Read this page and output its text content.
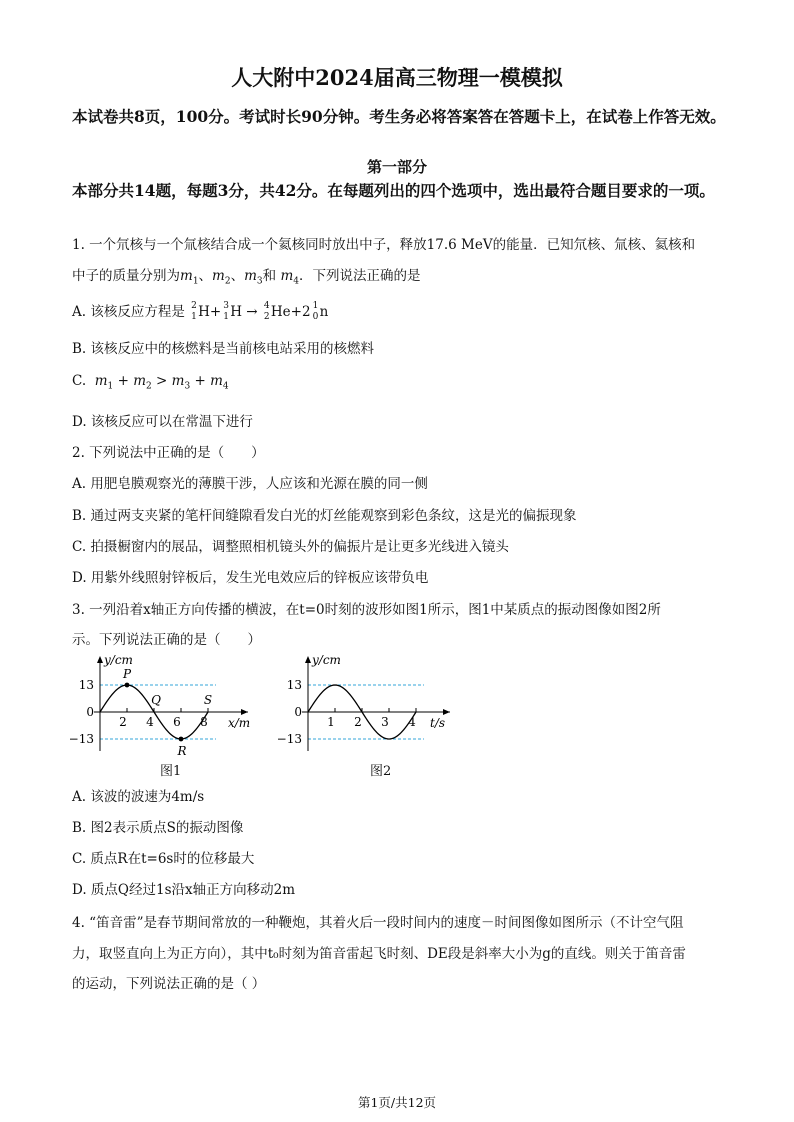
人大附中2024届高三物理一模模拟
本试卷共8页，100分。考试时长90分钟。考生务必将答案答在答题卡上，在试卷上作答无效。
第一部分
本部分共14题，每题3分，共42分。在每题列出的四个选项中，选出最符合题目要求的一项。
1. 一个氘核与一个氚核结合成一个氦核同时放出中子，释放17.6 MeV的能量．已知氘核、氚核、氦核和
中子的质量分别为$m_1$、$m_2$、$m_3$和 $m_4$．下列说法正确的是
A. 该核反应方程是 2
1 H+ 3
1 H → 4
2 He+2 1
0 n
B. 该核反应中的核燃料是当前核电站采用的核燃料
C. $m_1 + m_2 > m_3 + m_4$
D. 该核反应可以在常温下进行
2. 下列说法中正确的是（　　）
A. 用肥皂膜观察光的薄膜干涉，人应该和光源在膜的同一侧
B. 通过两支夹紧的笔杆间缝隙看发白光的灯丝能观察到彩色条纹，这是光的偏振现象
C. 拍摄橱窗内的展品，调整照相机镜头外的偏振片是让更多光线进入镜头
D. 用紫外线照射锌板后，发生光电效应后的锌板应该带负电
3. 一列沿着x轴正方向传播的横波，在t=0时刻的波形如图1所示，图1中某质点的振动图像如图2所
示。下列说法正确的是（　　）
y/cm
x/m
13
0
−13
2 4 6 8
P
Q
R
S
图1
y/cm
t/s
13
0
−13
1 2 3 4
图2
A. 该波的波速为4m/s
B. 图2表示质点S的振动图像
C. 质点R在t=6s时的位移最大
D. 质点Q经过1s沿x轴正方向移动2m
4. “笛音雷”是春节期间常放的一种鞭炮，其着火后一段时间内的速度－时间图像如图所示（不计空气阻
力，取竖直向上为正方向），其中t₀时刻为笛音雷起飞时刻、DE段是斜率大小为g的直线。则关于笛音雷
的运动，下列说法正确的是（ ）
第1页/共12页
